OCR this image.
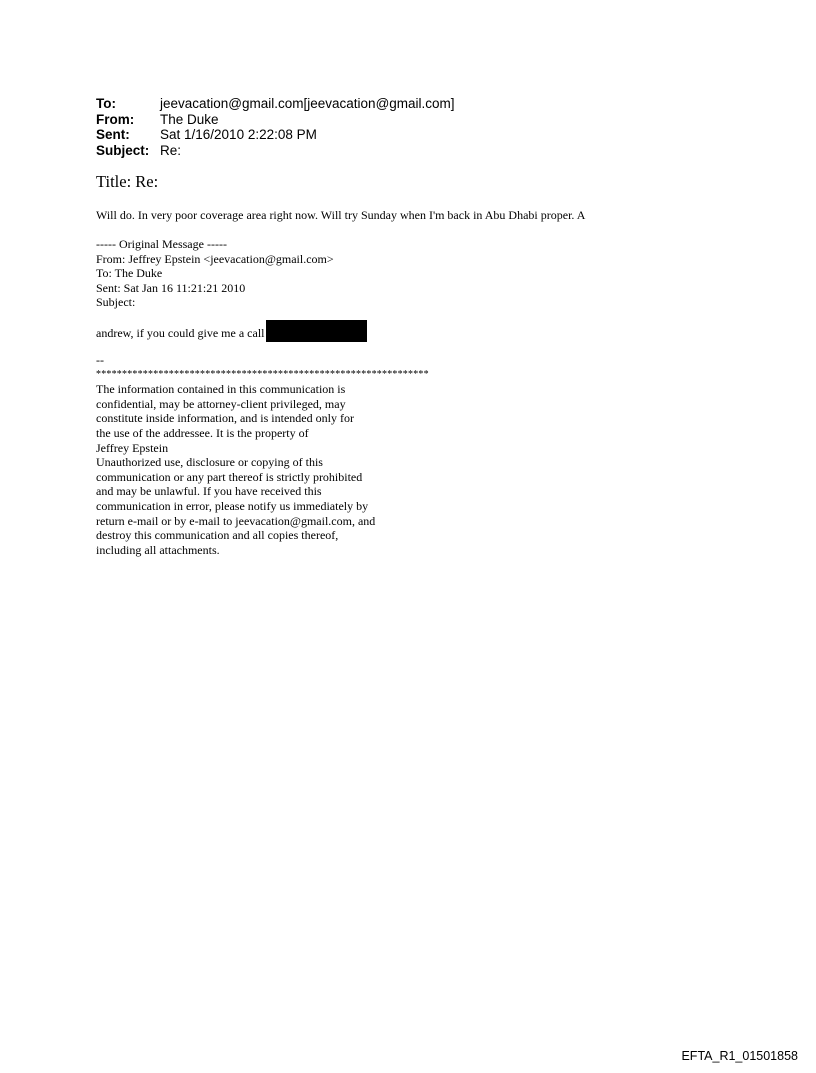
To:	jeevacation@gmail.com[jeevacation@gmail.com]
From:	The Duke
Sent:	Sat 1/16/2010 2:22:08 PM
Subject: Re:
Title: Re:
Will do. In very poor coverage area right now. Will try Sunday when I'm back in Abu Dhabi proper. A
----- Original Message -----
From: Jeffrey Epstein <jeevacation@gmail.com>
To: The Duke
Sent: Sat Jan 16 11:21:21 2010
Subject:
andrew, if you could give me a call
--
****************************************************************
The information contained in this communication is
confidential, may be attorney-client privileged, may
constitute inside information, and is intended only for
the use of the addressee. It is the property of
Jeffrey Epstein
Unauthorized use, disclosure or copying of this
communication or any part thereof is strictly prohibited
and may be unlawful. If you have received this
communication in error, please notify us immediately by
return e-mail or by e-mail to jeevacation@gmail.com, and
destroy this communication and all copies thereof,
including all attachments.
EFTA_R1_01501858
